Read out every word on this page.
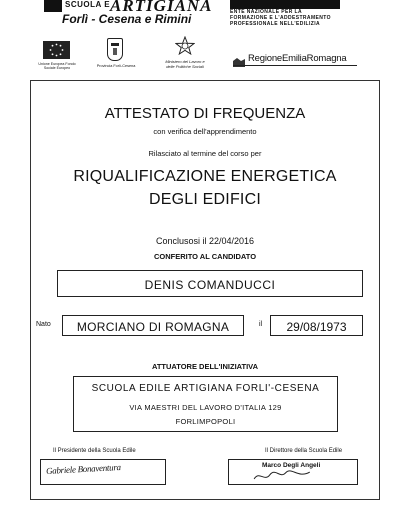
SCUOLA E ARTIGIANA
Forlì - Cesena e Rimini	ENTE NAZIONALE PER LA
FORMAZIONE E L'ADDESTRAMENTO
PROFESSIONALE NELL'EDILIZIA
Unione Europea Fondo Sociale Europeo	Provincia Forlì-Cesena
Ministero del Lavoro e delle Politiche Sociali
RegioneEmiliaRomagna
ATTESTATO DI FREQUENZA
con verifica dell'apprendimento
Rilasciato al termine del corso per
RIQUALIFICAZIONE ENERGETICA
DEGLI EDIFICI
Conclusosi il 22/04/2016
CONFERITO AL CANDIDATO
DENIS COMANDUCCI
Nato	MORCIANO DI ROMAGNA	il	29/08/1973
ATTUATORE DELL'INIZIATIVA
SCUOLA EDILE ARTIGIANA FORLI'-CESENA
VIA MAESTRI DEL LAVORO D'ITALIA 129
FORLIMPOPOLI
Il Presidente della Scuola Edile	Il Direttore della Scuola Edile
Gabriele Bonaventura	Marco Degli Angeli
